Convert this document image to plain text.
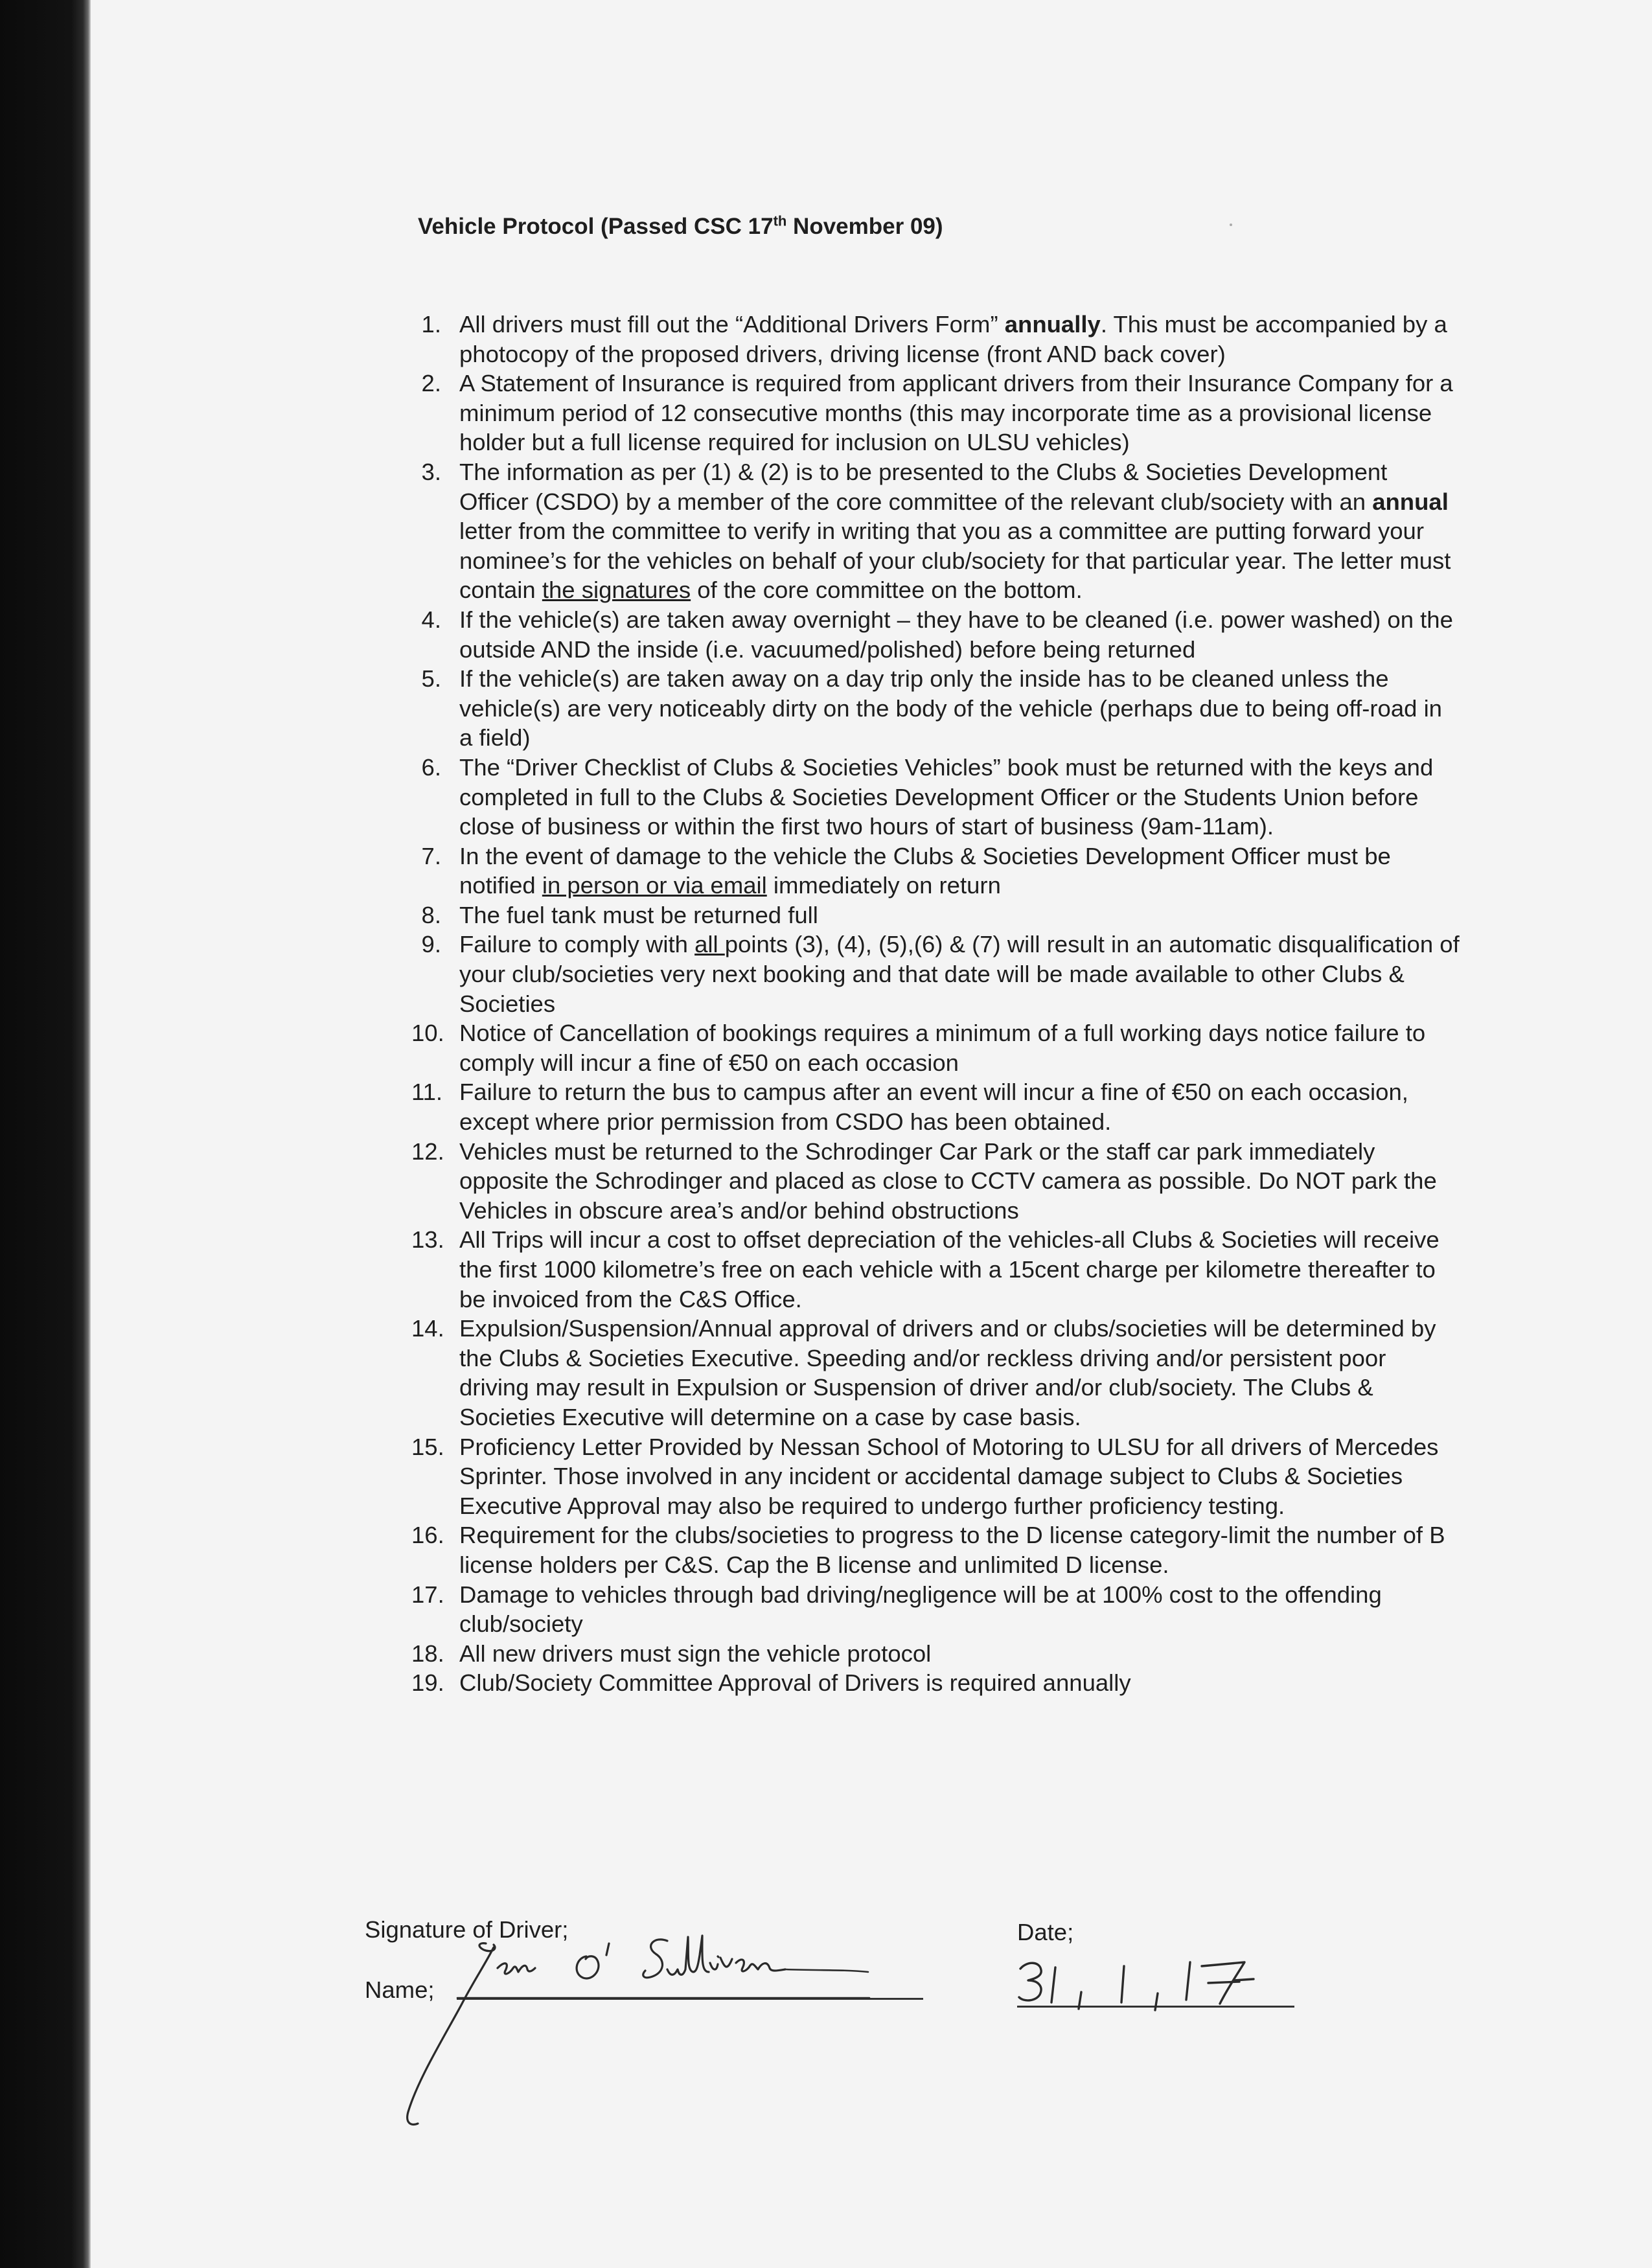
Vehicle Protocol (Passed CSC 17th November 09)
1. All drivers must fill out the “Additional Drivers Form” annually. This must be accompanied by a photocopy of the proposed drivers, driving license (front AND back cover)
2. A Statement of Insurance is required from applicant drivers from their Insurance Company for a minimum period of 12 consecutive months (this may incorporate time as a provisional license holder but a full license required for inclusion on ULSU vehicles)
3. The information as per (1) & (2) is to be presented to the Clubs & Societies Development Officer (CSDO) by a member of the core committee of the relevant club/society with an annual letter from the committee to verify in writing that you as a committee are putting forward your nominee’s for the vehicles on behalf of your club/society for that particular year. The letter must contain the signatures of the core committee on the bottom.
4. If the vehicle(s) are taken away overnight – they have to be cleaned (i.e. power washed) on the outside AND the inside (i.e. vacuumed/polished) before being returned
5. If the vehicle(s) are taken away on a day trip only the inside has to be cleaned unless the vehicle(s) are very noticeably dirty on the body of the vehicle (perhaps due to being off-road in a field)
6. The “Driver Checklist of Clubs & Societies Vehicles” book must be returned with the keys and completed in full to the Clubs & Societies Development Officer or the Students Union before close of business or within the first two hours of start of business (9am-11am).
7. In the event of damage to the vehicle the Clubs & Societies Development Officer must be notified in person or via email immediately on return
8. The fuel tank must be returned full
9. Failure to comply with all points (3), (4), (5),(6) & (7) will result in an automatic disqualification of your club/societies very next booking and that date will be made available to other Clubs & Societies
10. Notice of Cancellation of bookings requires a minimum of a full working days notice failure to comply will incur a fine of €50 on each occasion
11. Failure to return the bus to campus after an event will incur a fine of €50 on each occasion, except where prior permission from CSDO has been obtained.
12. Vehicles must be returned to the Schrodinger Car Park or the staff car park immediately opposite the Schrodinger and placed as close to CCTV camera as possible. Do NOT park the Vehicles in obscure area’s and/or behind obstructions
13. All Trips will incur a cost to offset depreciation of the vehicles-all Clubs & Societies will receive the first 1000 kilometre’s free on each vehicle with a 15cent charge per kilometre thereafter to be invoiced from the C&S Office.
14. Expulsion/Suspension/Annual approval of drivers and or clubs/societies will be determined by the Clubs & Societies Executive. Speeding and/or reckless driving and/or persistent poor driving may result in Expulsion or Suspension of driver and/or club/society. The Clubs & Societies Executive will determine on a case by case basis.
15. Proficiency Letter Provided by Nessan School of Motoring to ULSU for all drivers of Mercedes Sprinter. Those involved in any incident or accidental damage subject to Clubs & Societies Executive Approval may also be required to undergo further proficiency testing.
16. Requirement for the clubs/societies to progress to the D license category-limit the number of B license holders per C&S. Cap the B license and unlimited D license.
17. Damage to vehicles through bad driving/negligence will be at 100% cost to the offending club/society
18. All new drivers must sign the vehicle protocol
19. Club/Society Committee Approval of Drivers is required annually
Signature of Driver;
Name;
Date;
